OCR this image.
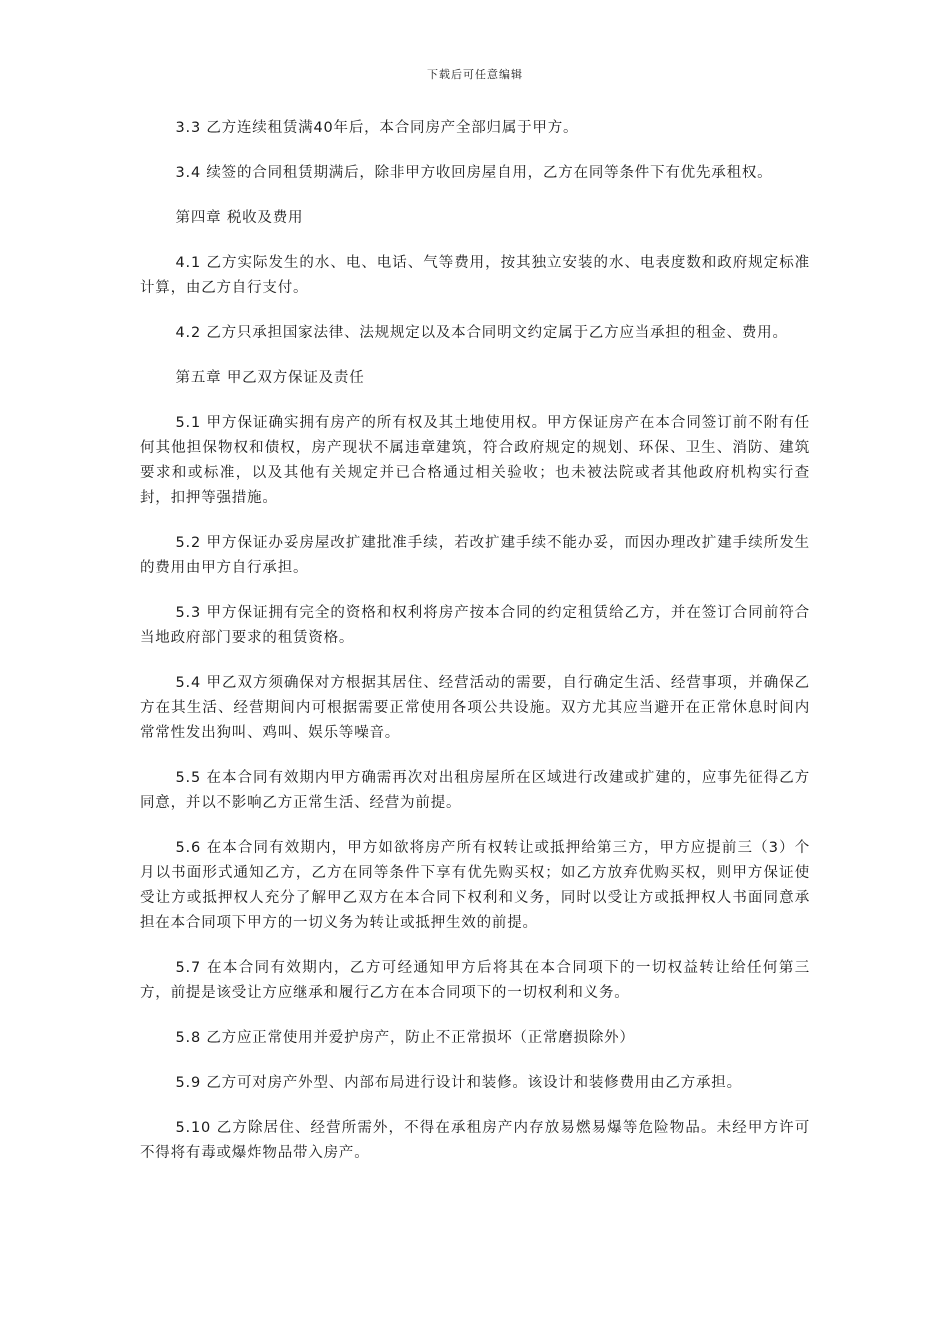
下载后可任意编辑

3.3 乙方连续租赁满40年后，本合同房产全部归属于甲方。

3.4 续签的合同租赁期满后，除非甲方收回房屋自用，乙方在同等条件下有优先承租权。

第四章 税收及费用

4.1 乙方实际发生的水、电、电话、气等费用，按其独立安装的水、电表度数和政府规定标准计算，由乙方自行支付。

4.2 乙方只承担国家法律、法规规定以及本合同明文约定属于乙方应当承担的租金、费用。

第五章 甲乙双方保证及责任

5.1 甲方保证确实拥有房产的所有权及其土地使用权。甲方保证房产在本合同签订前不附有任何其他担保物权和债权，房产现状不属违章建筑，符合政府规定的规划、环保、卫生、消防、建筑要求和或标准，以及其他有关规定并已合格通过相关验收；也未被法院或者其他政府机构实行查封，扣押等强措施。

5.2 甲方保证办妥房屋改扩建批准手续，若改扩建手续不能办妥，而因办理改扩建手续所发生的费用由甲方自行承担。

5.3 甲方保证拥有完全的资格和权利将房产按本合同的约定租赁给乙方，并在签订合同前符合当地政府部门要求的租赁资格。

5.4 甲乙双方须确保对方根据其居住、经营活动的需要，自行确定生活、经营事项，并确保乙方在其生活、经营期间内可根据需要正常使用各项公共设施。双方尤其应当避开在正常休息时间内常常性发出狗叫、鸡叫、娱乐等噪音。

5.5 在本合同有效期内甲方确需再次对出租房屋所在区域进行改建或扩建的，应事先征得乙方同意，并以不影响乙方正常生活、经营为前提。

5.6 在本合同有效期内，甲方如欲将房产所有权转让或抵押给第三方，甲方应提前三（3）个月以书面形式通知乙方，乙方在同等条件下享有优先购买权；如乙方放弃优购买权，则甲方保证使受让方或抵押权人充分了解甲乙双方在本合同下权利和义务，同时以受让方或抵押权人书面同意承担在本合同项下甲方的一切义务为转让或抵押生效的前提。

5.7 在本合同有效期内，乙方可经通知甲方后将其在本合同项下的一切权益转让给任何第三方，前提是该受让方应继承和履行乙方在本合同项下的一切权利和义务。

5.8 乙方应正常使用并爱护房产，防止不正常损坏（正常磨损除外）

5.9 乙方可对房产外型、内部布局进行设计和装修。该设计和装修费用由乙方承担。

5.10 乙方除居住、经营所需外，不得在承租房产内存放易燃易爆等危险物品。未经甲方许可不得将有毒或爆炸物品带入房产。
